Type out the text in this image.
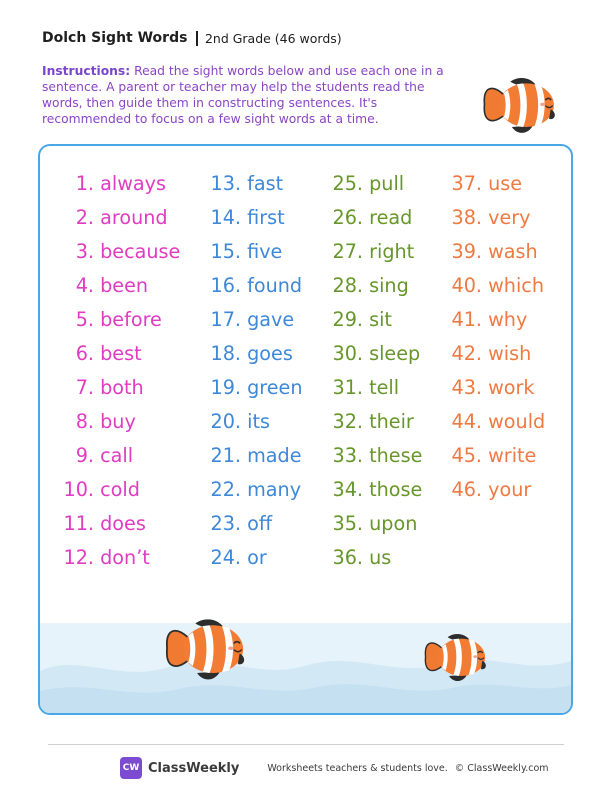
Dolch Sight Words 2nd Grade (46 words)
Instructions: Read the sight words below and use each one in a sentence. A parent or teacher may help the students read the words, then guide them in constructing sentences. It's recommended to focus on a few sight words at a time.
1. always
2. around
3. because
4. been
5. before
6. best
7. both
8. buy
9. call
10. cold
11. does
12. don’t
13. fast
14. first
15. five
16. found
17. gave
18. goes
19. green
20. its
21. made
22. many
23. off
24. or
25. pull
26. read
27. right
28. sing
29. sit
30. sleep
31. tell
32. their
33. these
34. those
35. upon
36. us
37. use
38. very
39. wash
40. which
41. why
42. wish
43. work
44. would
45. write
46. your
CW ClassWeekly	Worksheets teachers & students love. © ClassWeekly.com
